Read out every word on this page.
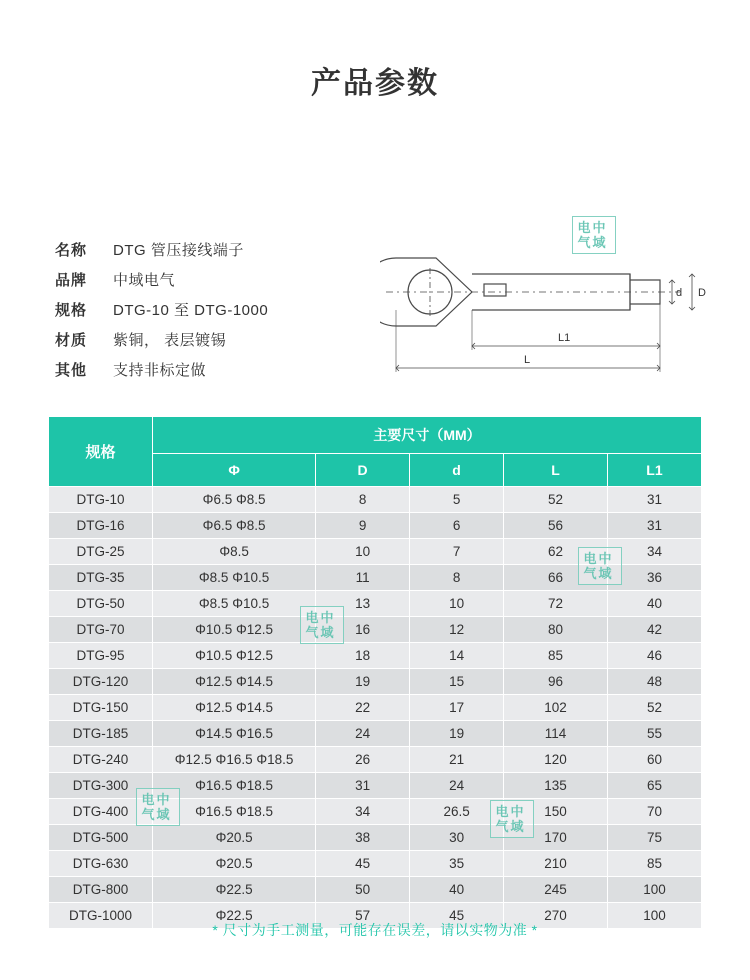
产品参数
名称	DTG 管压接线端子
品牌	中域电气
规格	DTG-10 至 DTG-1000
材质	紫铜， 表层镀锡
其他	支持非标定做
d D
L1
L
电 中
气 域
规格	主要尺寸（MM）				
	Φ	D	d	L	L1
DTG-10	Φ6.5 Φ8.5	8	5	52	31
DTG-16	Φ6.5 Φ8.5	9	6	56	31
DTG-25	Φ8.5	10	7	62	34
DTG-35	Φ8.5 Φ10.5	11	8	66	36
DTG-50	Φ8.5 Φ10.5	13	10	72	40
DTG-70	Φ10.5 Φ12.5	16	12	80	42
DTG-95	Φ10.5 Φ12.5	18	14	85	46
DTG-120	Φ12.5 Φ14.5	19	15	96	48
DTG-150	Φ12.5 Φ14.5	22	17	102	52
DTG-185	Φ14.5 Φ16.5	24	19	114	55
DTG-240	Φ12.5 Φ16.5 Φ18.5	26	21	120	60
DTG-300	Φ16.5 Φ18.5	31	24	135	65
DTG-400	Φ16.5 Φ18.5	34	26.5	150	70
DTG-500	Φ20.5	38	30	170	75
DTG-630	Φ20.5	45	35	210	85
DTG-800	Φ22.5	50	40	245	100
DTG-1000	Φ22.5	57	45	270	100
电 中
气 域
电 中
气 域
电 中
气 域	电 中
气 域
* 尺寸为手工测量，可能存在误差，请以实物为准 *
